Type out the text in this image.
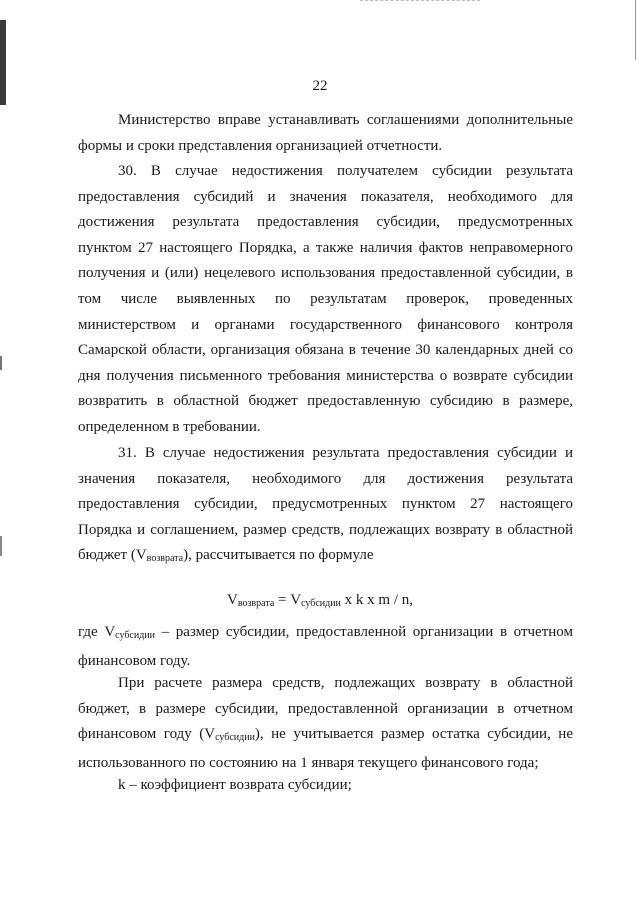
22
Министерство вправе устанавливать соглашениями дополнительные формы и сроки представления организацией отчетности.
30. В случае недостижения получателем субсидии результата предоставления субсидий и значения показателя, необходимого для достижения результата предоставления субсидии, предусмотренных пунктом 27 настоящего Порядка, а также наличия фактов неправомерного получения и (или) нецелевого использования предоставленной субсидии, в том числе выявленных по результатам проверок, проведенных министерством и органами государственного финансового контроля Самарской области, организация обязана в течение 30 календарных дней со дня получения письменного требования министерства о возврате субсидии возвратить в областной бюджет предоставленную субсидию в размере, определенном в требовании.
31. В случае недостижения результата предоставления субсидии и значения показателя, необходимого для достижения результата предоставления субсидии, предусмотренных пунктом 27 настоящего Порядка и соглашением, размер средств, подлежащих возврату в областной бюджет $(V_{возврата})$, рассчитывается по формуле
$V_{возврата} = V_{субсидии}$ x k x m / n,
где $V_{субсидии}$ – размер субсидии, предоставленной организации в отчетном финансовом году.
При расчете размера средств, подлежащих возврату в областной бюджет, в размере субсидии, предоставленной организации в отчетном финансовом году $(V_{субсидии})$, не учитывается размер остатка субсидии, не использованного по состоянию на 1 января текущего финансового года;
k – коэффициент возврата субсидии;
